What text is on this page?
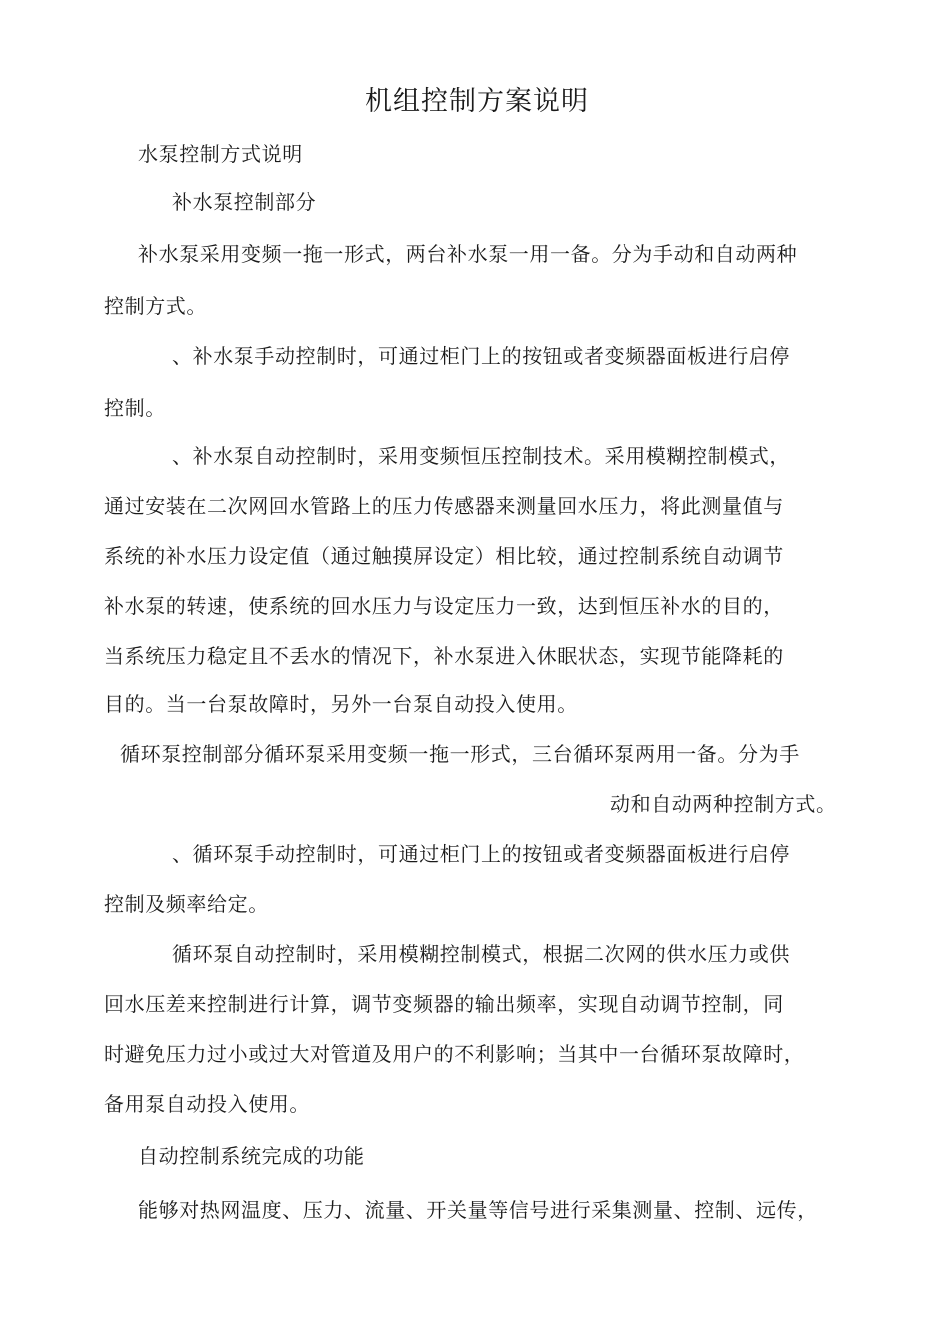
机组控制方案说明
水泵控制方式说明
补水泵控制部分
补水泵采用变频一拖一形式，两台补水泵一用一备。分为手动和自动两种
控制方式。
、补水泵手动控制时，可通过柜门上的按钮或者变频器面板进行启停
控制。
、补水泵自动控制时，采用变频恒压控制技术。采用模糊控制模式，
通过安装在二次网回水管路上的压力传感器来测量回水压力，将此测量值与
系统的补水压力设定值（通过触摸屏设定）相比较，通过控制系统自动调节
补水泵的转速，使系统的回水压力与设定压力一致，达到恒压补水的目的，
当系统压力稳定且不丢水的情况下，补水泵进入休眠状态，实现节能降耗的
目的。当一台泵故障时，另外一台泵自动投入使用。
循环泵控制部分循环泵采用变频一拖一形式，三台循环泵两用一备。分为手
动和自动两种控制方式。
、循环泵手动控制时，可通过柜门上的按钮或者变频器面板进行启停
控制及频率给定。
循环泵自动控制时，采用模糊控制模式，根据二次网的供水压力或供
回水压差来控制进行计算，调节变频器的输出频率，实现自动调节控制，同
时避免压力过小或过大对管道及用户的不利影响；当其中一台循环泵故障时，
备用泵自动投入使用。
自动控制系统完成的功能
能够对热网温度、压力、流量、开关量等信号进行采集测量、控制、远传，
